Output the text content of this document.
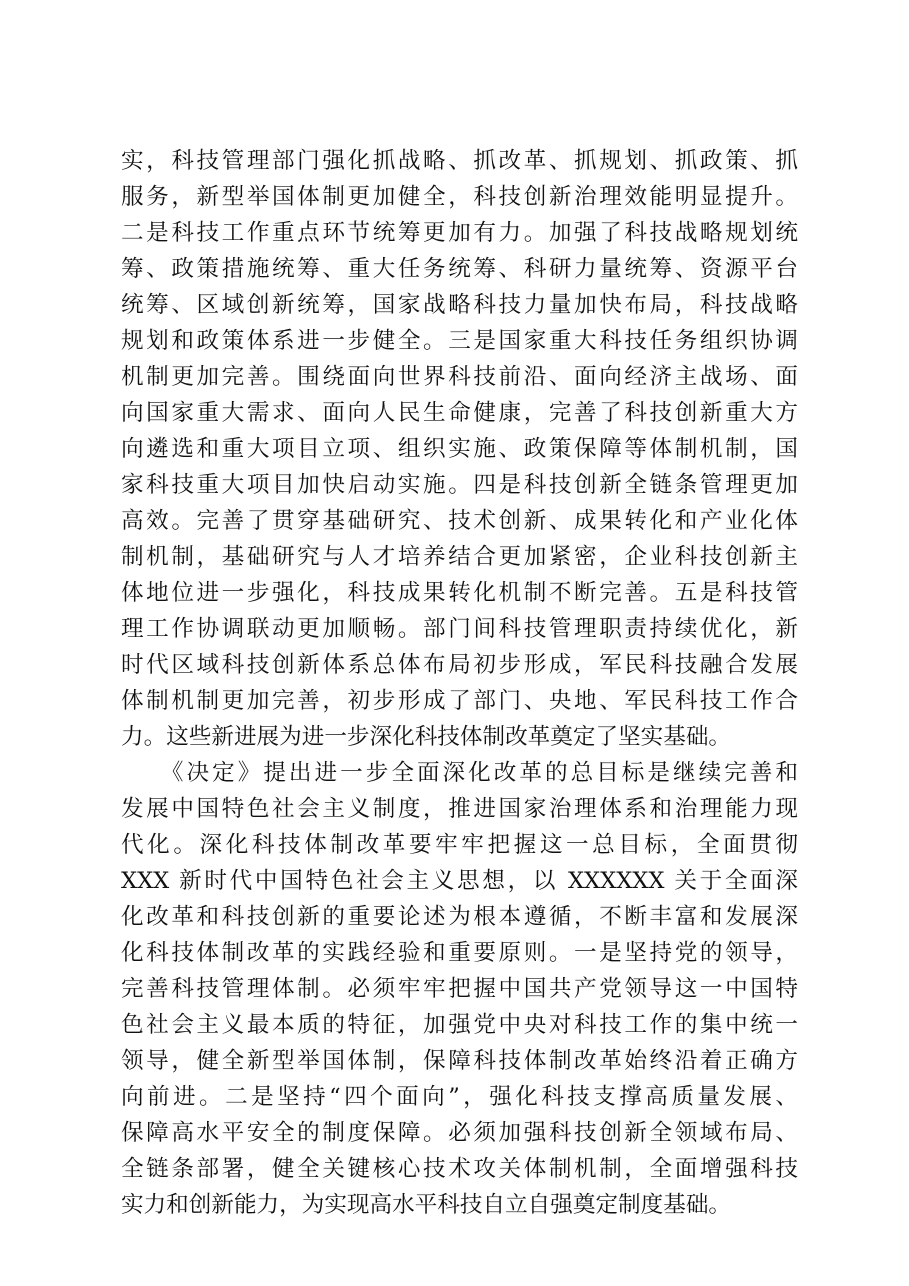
实，科技管理部门强化抓战略、抓改革、抓规划、抓政策、抓
服务，新型举国体制更加健全，科技创新治理效能明显提升。
二是科技工作重点环节统筹更加有力。加强了科技战略规划统
筹、政策措施统筹、重大任务统筹、科研力量统筹、资源平台
统筹、区域创新统筹，国家战略科技力量加快布局，科技战略
规划和政策体系进一步健全。三是国家重大科技任务组织协调
机制更加完善。围绕面向世界科技前沿、面向经济主战场、面
向国家重大需求、面向人民生命健康，完善了科技创新重大方
向遴选和重大项目立项、组织实施、政策保障等体制机制，国
家科技重大项目加快启动实施。四是科技创新全链条管理更加
高效。完善了贯穿基础研究、技术创新、成果转化和产业化体
制机制，基础研究与人才培养结合更加紧密，企业科技创新主
体地位进一步强化，科技成果转化机制不断完善。五是科技管
理工作协调联动更加顺畅。部门间科技管理职责持续优化，新
时代区域科技创新体系总体布局初步形成，军民科技融合发展
体制机制更加完善，初步形成了部门、央地、军民科技工作合
力。这些新进展为进一步深化科技体制改革奠定了坚实基础。
　　《决定》提出进一步全面深化改革的总目标是继续完善和
发展中国特色社会主义制度，推进国家治理体系和治理能力现
代化。深化科技体制改革要牢牢把握这一总目标，全面贯彻
XXX 新时代中国特色社会主义思想，以 XXXXXX 关于全面深
化改革和科技创新的重要论述为根本遵循，不断丰富和发展深
化科技体制改革的实践经验和重要原则。一是坚持党的领导，
完善科技管理体制。必须牢牢把握中国共产党领导这一中国特
色社会主义最本质的特征，加强党中央对科技工作的集中统一
领导，健全新型举国体制，保障科技体制改革始终沿着正确方
向前进。二是坚持“四个面向”，强化科技支撑高质量发展、
保障高水平安全的制度保障。必须加强科技创新全领域布局、
全链条部署，健全关键核心技术攻关体制机制，全面增强科技
实力和创新能力，为实现高水平科技自立自强奠定制度基础。
